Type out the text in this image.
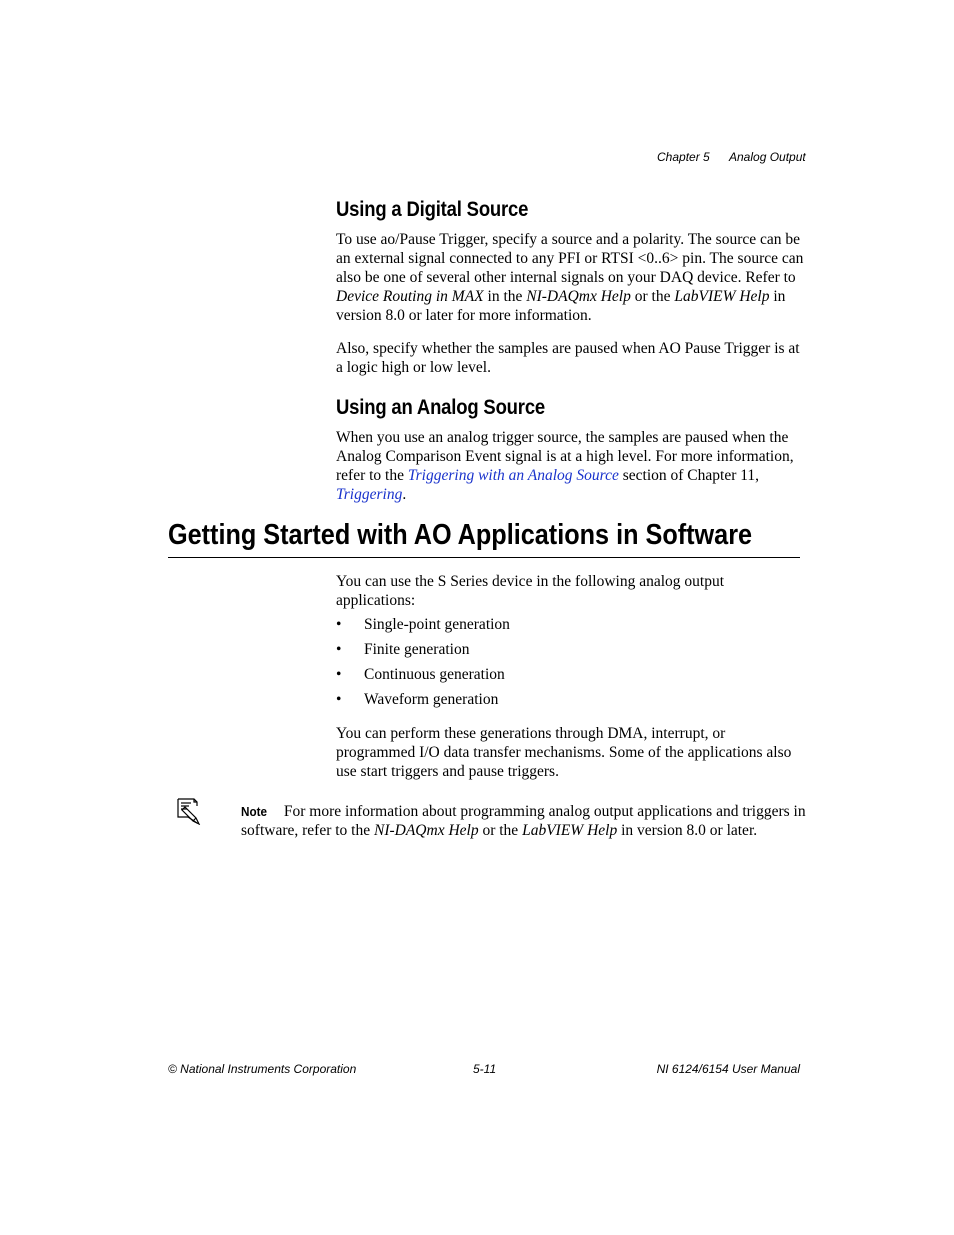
Chapter 5 Analog Output
Using a Digital Source
To use ao/Pause Trigger, specify a source and a polarity. The source can be
an external signal connected to any PFI or RTSI <0..6> pin. The source can
also be one of several other internal signals on your DAQ device. Refer to
Device Routing in MAX in the NI-DAQmx Help or the LabVIEW Help in
version 8.0 or later for more information.
Also, specify whether the samples are paused when AO Pause Trigger is at
a logic high or low level.
Using an Analog Source
When you use an analog trigger source, the samples are paused when the
Analog Comparison Event signal is at a high level. For more information,
refer to the Triggering with an Analog Source section of Chapter 11,
Triggering.
Getting Started with AO Applications in Software
You can use the S Series device in the following analog output
applications:
• Single-point generation
• Finite generation
• Continuous generation
• Waveform generation
You can perform these generations through DMA, interrupt, or
programmed I/O data transfer mechanisms. Some of the applications also
use start triggers and pause triggers.
Note For more information about programming analog output applications and triggers in
software, refer to the NI-DAQmx Help or the LabVIEW Help in version 8.0 or later.
© National Instruments Corporation	5-11	NI 6124/6154 User Manual
